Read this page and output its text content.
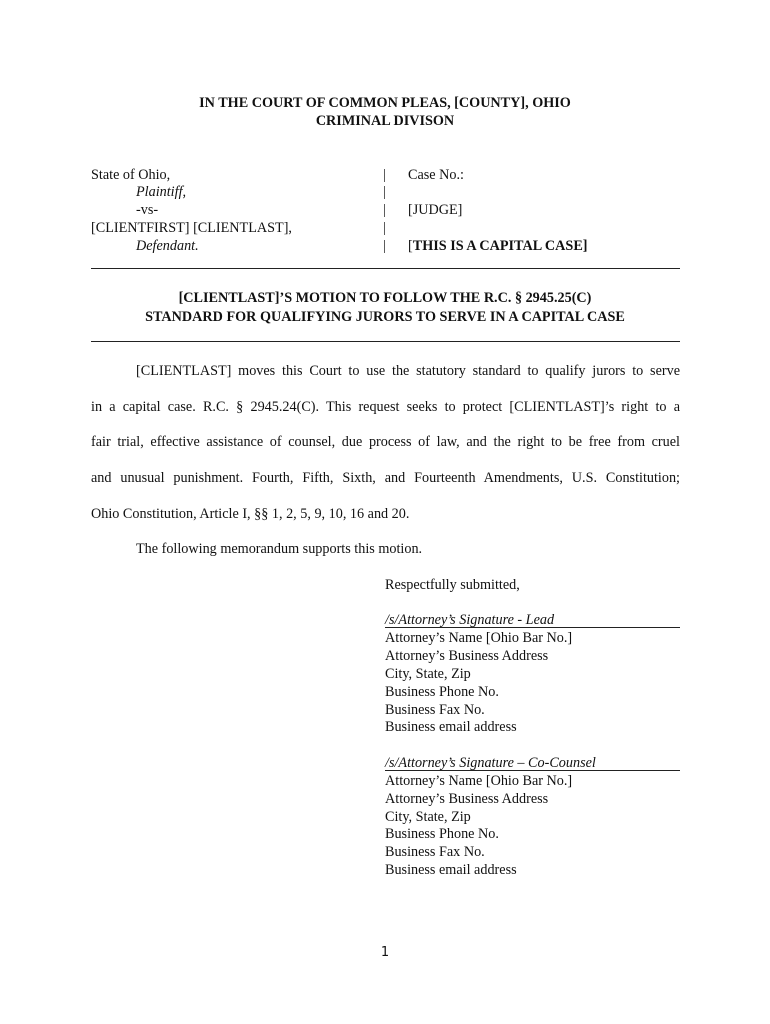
IN THE COURT OF COMMON PLEAS, [COUNTY], OHIO
CRIMINAL DIVISON
State of Ohio,
Plaintiff,
-vs-
[CLIENTFIRST] [CLIENTLAST],
Defendant.
|
|
|
|
|
Case No.:
[JUDGE]
[THIS IS A CAPITAL CASE]
[CLIENTLAST]’S MOTION TO FOLLOW THE R.C. § 2945.25(C)
STANDARD FOR QUALIFYING JURORS TO SERVE IN A CAPITAL CASE
[CLIENTLAST] moves this Court to use the statutory standard to qualify jurors to serve
in a capital case. R.C. § 2945.24(C). This request seeks to protect [CLIENTLAST]’s right to a
fair trial, effective assistance of counsel, due process of law, and the right to be free from cruel
and unusual punishment. Fourth, Fifth, Sixth, and Fourteenth Amendments, U.S. Constitution;
Ohio Constitution, Article I, §§ 1, 2, 5, 9, 10, 16 and 20.
The following memorandum supports this motion.
Respectfully submitted,
/s/Attorney’s Signature - Lead
Attorney’s Name [Ohio Bar No.]
Attorney’s Business Address
City, State, Zip
Business Phone No.
Business Fax No.
Business email address
/s/Attorney’s Signature – Co-Counsel
Attorney’s Name [Ohio Bar No.]
Attorney’s Business Address
City, State, Zip
Business Phone No.
Business Fax No.
Business email address
1
